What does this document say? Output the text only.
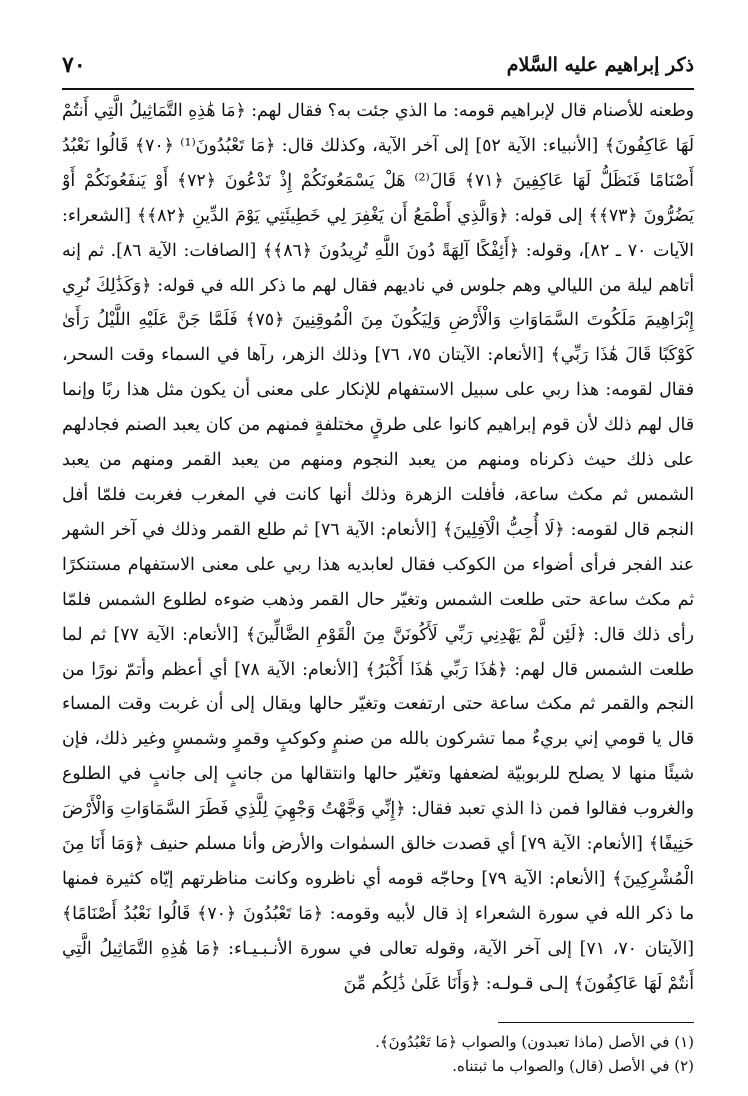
٧٠	ذكر إبراهيم عليه السَّلام

وطعنه للأصنام قال لإبراهيم قومه: ما الذي جئت به؟ فقال لهم: ﴿مَا هَٰذِهِ التَّمَاثِيلُ الَّتِي أَنتُمْ لَهَا عَاكِفُونَ﴾ [الأنبياء: الآية ٥٢] إلى آخر الآية، وكذلك قال: ﴿مَا تَعْبُدُونَ⁽¹⁾ ﴿٧٠﴾ قَالُوا نَعْبُدُ أَصْنَامًا فَنَظَلُّ لَهَا عَاكِفِينَ ﴿٧١﴾ قَالَ⁽²⁾ هَلْ يَسْمَعُونَكُمْ إِذْ تَدْعُونَ ﴿٧٢﴾ أَوْ يَنفَعُونَكُمْ أَوْ يَضُرُّونَ ﴿٧٣﴾﴾ إلى قوله: ﴿وَالَّذِي أَطْمَعُ أَن يَغْفِرَ لِي خَطِيئَتِي يَوْمَ الدِّينِ ﴿٨٢﴾﴾ [الشعراء: الآيات ٧٠ ـ ٨٢]، وقوله: ﴿أَئِفْكًا آلِهَةً دُونَ اللَّهِ تُرِيدُونَ ﴿٨٦﴾﴾ [الصافات: الآية ٨٦]. ثم إنه أتاهم ليلة من الليالي وهم جلوس في ناديهم فقال لهم ما ذكر الله في قوله: ﴿وَكَذَٰلِكَ نُرِي إِبْرَاهِيمَ مَلَكُوتَ السَّمَاوَاتِ وَالْأَرْضِ وَلِيَكُونَ مِنَ الْمُوقِنِينَ ﴿٧٥﴾ فَلَمَّا جَنَّ عَلَيْهِ اللَّيْلُ رَأَىٰ كَوْكَبًا قَالَ هَٰذَا رَبِّي﴾ [الأنعام: الآيتان ٧٥، ٧٦] وذلك الزهر، رآها في السماء وقت السحر، فقال لقومه: هذا ربي على سبيل الاستفهام للإنكار على معنى أن يكون مثل هذا ربًا وإنما قال لهم ذلك لأن قوم إبراهيم كانوا على طرقٍ مختلفةٍ فمنهم من كان يعبد الصنم فجادلهم على ذلك حيث ذكرناه ومنهم من يعبد النجوم ومنهم من يعبد القمر ومنهم من يعبد الشمس ثم مكث ساعة، فأفلت الزهرة وذلك أنها كانت في المغرب فغربت فلمّا أفل النجم قال لقومه: ﴿لَا أُحِبُّ الْآفِلِينَ﴾ [الأنعام: الآية ٧٦] ثم طلع القمر وذلك في آخر الشهر عند الفجر فرأى أضواء من الكوكب فقال لعابديه هذا ربي على معنى الاستفهام مستنكرًا ثم مكث ساعة حتى طلعت الشمس وتغيّر حال القمر وذهب ضوءه لطلوع الشمس فلمّا رأى ذلك قال: ﴿لَئِن لَّمْ يَهْدِنِي رَبِّي لَأَكُونَنَّ مِنَ الْقَوْمِ الضَّالِّينَ﴾ [الأنعام: الآية ٧٧] ثم لما طلعت الشمس قال لهم: ﴿هَٰذَا رَبِّي هَٰذَا أَكْبَرُ﴾ [الأنعام: الآية ٧٨] أي أعظم وأتمّ نورًا من النجم والقمر ثم مكث ساعة حتى ارتفعت وتغيّر حالها ويقال إلى أن غربت وقت المساء قال يا قومي إني بريءٌ مما تشركون بالله من صنمٍ وكوكبٍ وقمرٍ وشمسٍ وغير ذلك، فإن شيئًا منها لا يصلح للربوبيّة لضعفها وتغيّر حالها وانتقالها من جانبٍ إلى جانبٍ في الطلوع والغروب فقالوا فمن ذا الذي تعبد فقال: ﴿إِنِّي وَجَّهْتُ وَجْهِيَ لِلَّذِي فَطَرَ السَّمَاوَاتِ وَالْأَرْضَ حَنِيفًا﴾ [الأنعام: الآية ٧٩] أي قصدت خالق السمٰوات والأرض وأنا مسلم حنيف ﴿وَمَا أَنَا مِنَ الْمُشْرِكِينَ﴾ [الأنعام: الآية ٧٩] وحاجّه قومه أي ناظروه وكانت مناظرتهم إيّاه كثيرة فمنها ما ذكر الله في سورة الشعراء إذ قال لأبيه وقومه: ﴿مَا تَعْبُدُونَ ﴿٧٠﴾ قَالُوا نَعْبُدُ أَصْنَامًا﴾ [الآيتان ٧٠، ٧١] إلى آخر الآية، وقوله تعالى في سورة الأنـبـيـاء: ﴿مَا هَٰذِهِ التَّمَاثِيلُ الَّتِي أَنتُمْ لَهَا عَاكِفُونَ﴾ إلـى قـولـه: ﴿وَأَنَا عَلَىٰ ذَٰلِكُم مِّنَ

(١) في الأصل (ماذا تعبدون) والصواب ﴿مَا تَعْبُدُونَ﴾.

(٢) في الأصل (قال) والصواب ما ثبتناه.
